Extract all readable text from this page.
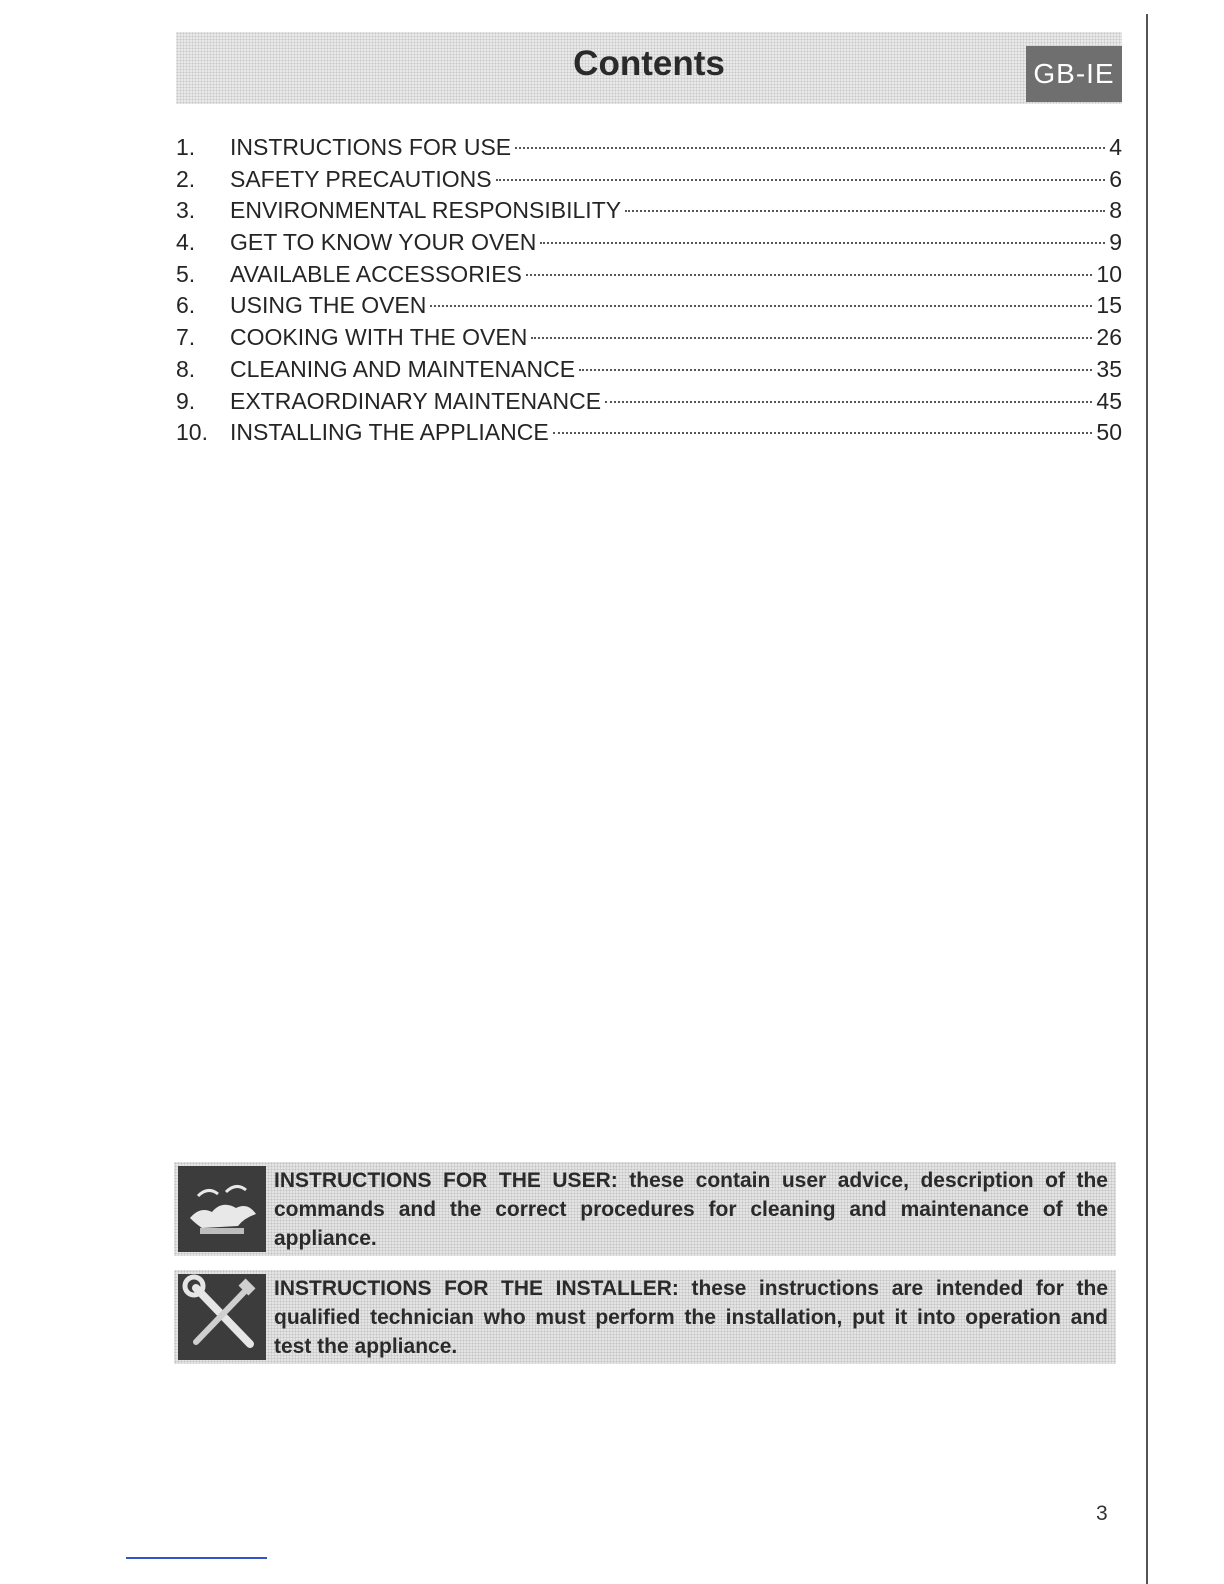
Contents	GB-IE
1.	INSTRUCTIONS FOR USE	4
2.	SAFETY PRECAUTIONS	6
3.	ENVIRONMENTAL RESPONSIBILITY	8
4.	GET TO KNOW YOUR OVEN	9
5.	AVAILABLE ACCESSORIES	10
6.	USING THE OVEN	15
7.	COOKING WITH THE OVEN	26
8.	CLEANING AND MAINTENANCE	35
9.	EXTRAORDINARY MAINTENANCE	45
10. INSTALLING THE APPLIANCE	50
INSTRUCTIONS FOR THE USER: these contain user advice, description of the commands and the correct procedures for cleaning and maintenance of the appliance.
INSTRUCTIONS FOR THE INSTALLER: these instructions are intended for the qualified technician who must perform the installation, put it into operation and test the appliance.
3
